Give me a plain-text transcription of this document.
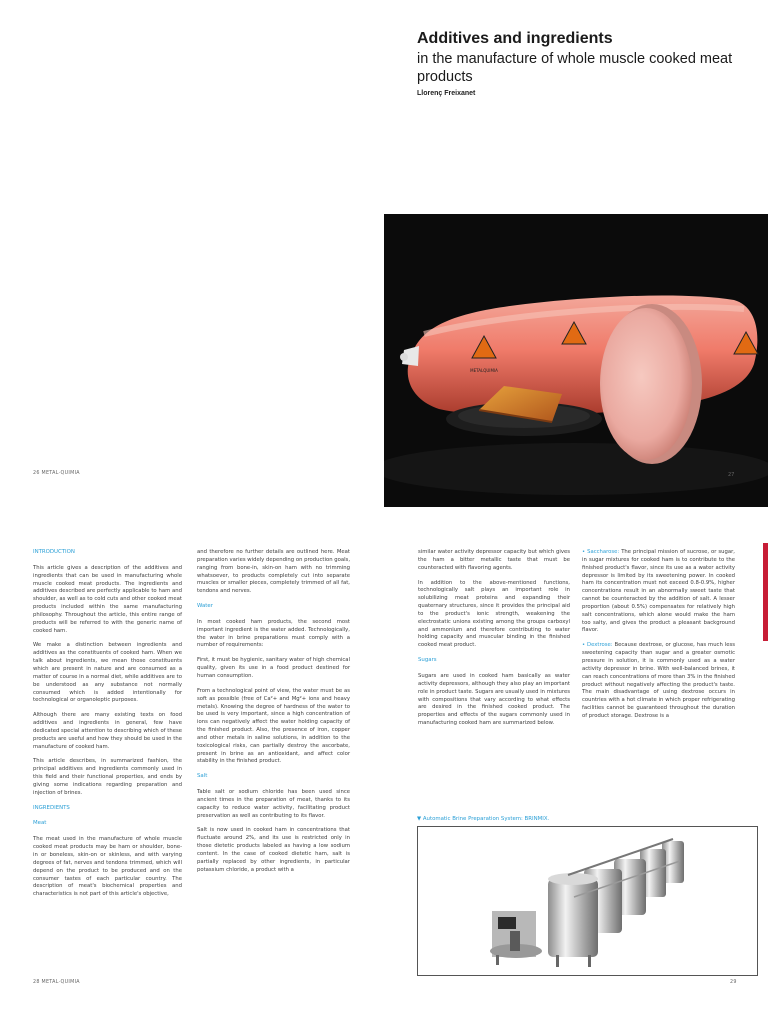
Additives and ingredients
in the manufacture of whole muscle cooked meat products
Llorenç Freixanet
METALQUIMIA
27
26 METAL·QUIMIA
INTRODUCTION

This article gives a description of the additives and ingredients that can be used in manufacturing whole muscle cooked meat products. The ingredients and additives described are perfectly applicable to ham and shoulder, as well as to cold cuts and other cooked meat products included within the same manufacturing philosophy. Throughout the article, this entire range of products will be referred to with the generic name of cooked ham.

We make a distinction between ingredients and additives as the constituents of cooked ham. When we talk about ingredients, we mean those constituents which are present in nature and are consumed as a matter of course in a normal diet, while additives are to be understood as any substance not normally consumed which is added intentionally for technological or organoleptic purposes.

Although there are many existing texts on food additives and ingredients in general, few have dedicated special attention to describing which of these products are useful and how they should be used in the manufacture of cooked ham.

This article describes, in summarized fashion, the principal additives and ingredients commonly used in this field and their functional properties, and ends by giving some indications regarding preparation and injection of brines.

INGREDIENTS
Meat

The meat used in the manufacture of whole muscle cooked meat products may be ham or shoulder, bone-in or boneless, skin-on or skinless, and with varying degrees of fat, nerves and tendons trimmed, which will depend on the product to be produced and on the consumer tastes of each particular country. The description of meat's biochemical properties and characteristics is not part of this article's objective,

and therefore no further details are outlined here. Meat preparation varies widely depending on production goals, ranging from bone-in, skin-on ham with no trimming whatsoever, to products completely cut into separate muscles or smaller pieces, completely trimmed of all fat, tendons and nerves.

Water

In most cooked ham products, the second most important ingredient is the water added. Technologically, the water in brine preparations must comply with a number of requirements:

First, it must be hygienic, sanitary water of high chemical quality, given its use in a food product destined for human consumption.

From a technological point of view, the water must be as soft as possible (free of Ca²+ and Mg²+ ions and heavy metals). Knowing the degree of hardness of the water to be used is very important, since a high concentration of ions can negatively affect the water holding capacity of the finished product. Also, the presence of iron, copper and other metals in saline solutions, in addition to the toxicological risks, can partially destroy the ascorbate, present in brine as an antioxidant, and affect color stability in the finished product.

Salt

Table salt or sodium chloride has been used since ancient times in the preparation of meat, thanks to its capacity to reduce water activity, facilitating product preservation as well as contributing to its flavor.

Salt is now used in cooked ham in concentrations that fluctuate around 2%, and its use is restricted only in those dietetic products labeled as having a low sodium content. In the case of cooked dietetic ham, salt is partially replaced by other ingredients, in particular potassium chloride, a product with a

similar water activity depressor capacity but which gives the ham a bitter metallic taste that must be counteracted with flavoring agents.

In addition to the above-mentioned functions, technologically salt plays an important role in solubilizing meat proteins and expanding their quaternary structures, since it provides the principal aid to the product's ionic strength, weakening the electrostatic unions existing among the groups carboxyl and ammonium and therefore contributing to water holding capacity and muscular binding in the finished cooked meat product.

Sugars

Sugars are used in cooked ham basically as water activity depressors, although they also play an important role in product taste. Sugars are usually used in mixtures with compositions that vary according to what effects are desired in the finished cooked product. The properties and effects of the sugars commonly used in manufacturing cooked ham are summarized below.

• Saccharose: The principal mission of sucrose, or sugar, in sugar mixtures for cooked ham is to contribute to the finished product's flavor, since its use as a water activity depressor is limited by its sweetening power. In cooked ham its concentration must not exceed 0.8-0.9%, higher concentrations result in an abnormally sweet taste that cannot be counteracted by the addition of salt. A lesser proportion (about 0.5%) compensates for relatively high salt concentrations, which alone would make the ham too salty, and gives the product a pleasant background flavor.

• Dextrose: Because dextrose, or glucose, has much less sweetening capacity than sugar and a greater osmotic pressure in solution, it is commonly used as a water activity depressor in brine. With well-balanced brines, it can reach concentrations of more than 3% in the finished product without negatively affecting the product's taste. The main disadvantage of using dextrose occurs in countries with a hot climate in which proper refrigerating facilities cannot be guaranteed throughout the duration of product storage. Dextrose is a

▼ Automatic Brine Preparation System: BRINMIX.
28 METAL·QUIMIA	29
